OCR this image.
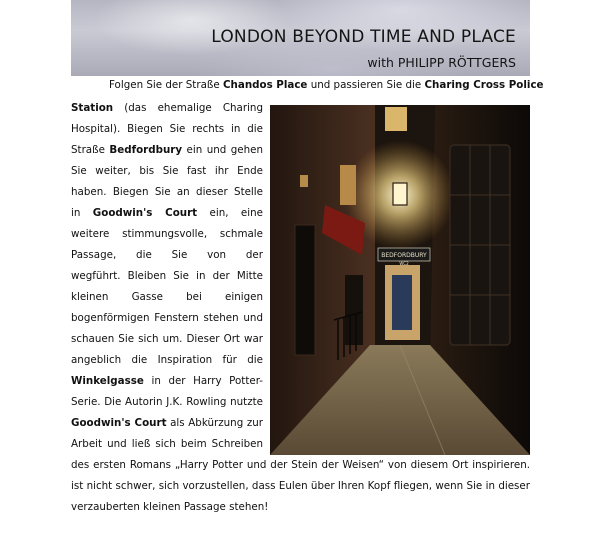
LONDON BEYOND TIME AND PLACE
with PHILIPP RÖTTGERS
Folgen Sie der Straße Chandos Place und passieren Sie die Charing Cross Police
Station (das ehemalige Charing
Hospital). Biegen Sie rechts in die
Straße Bedfordbury ein und gehen
Sie weiter, bis Sie fast ihr Ende
haben. Biegen Sie an dieser Stelle
in Goodwin's Court ein, eine
weitere stimmungsvolle, schmale
Passage, die Sie von der
wegführt. Bleiben Sie in der Mitte
kleinen Gasse bei einigen
bogenförmigen Fenstern stehen und
schauen Sie sich um. Dieser Ort war
angeblich die Inspiration für die
Winkelgasse in der Harry Potter-
Serie. Die Autorin J.K. Rowling nutzte
Goodwin's Court als Abkürzung zur
Arbeit und ließ sich beim Schreiben
des ersten Romans „Harry Potter und der Stein der Weisen“ von diesem Ort inspirieren.
ist nicht schwer, sich vorzustellen, dass Eulen über Ihren Kopf fliegen, wenn Sie in dieser
verzauberten kleinen Passage stehen!
BEDFORDBURY
WC2
